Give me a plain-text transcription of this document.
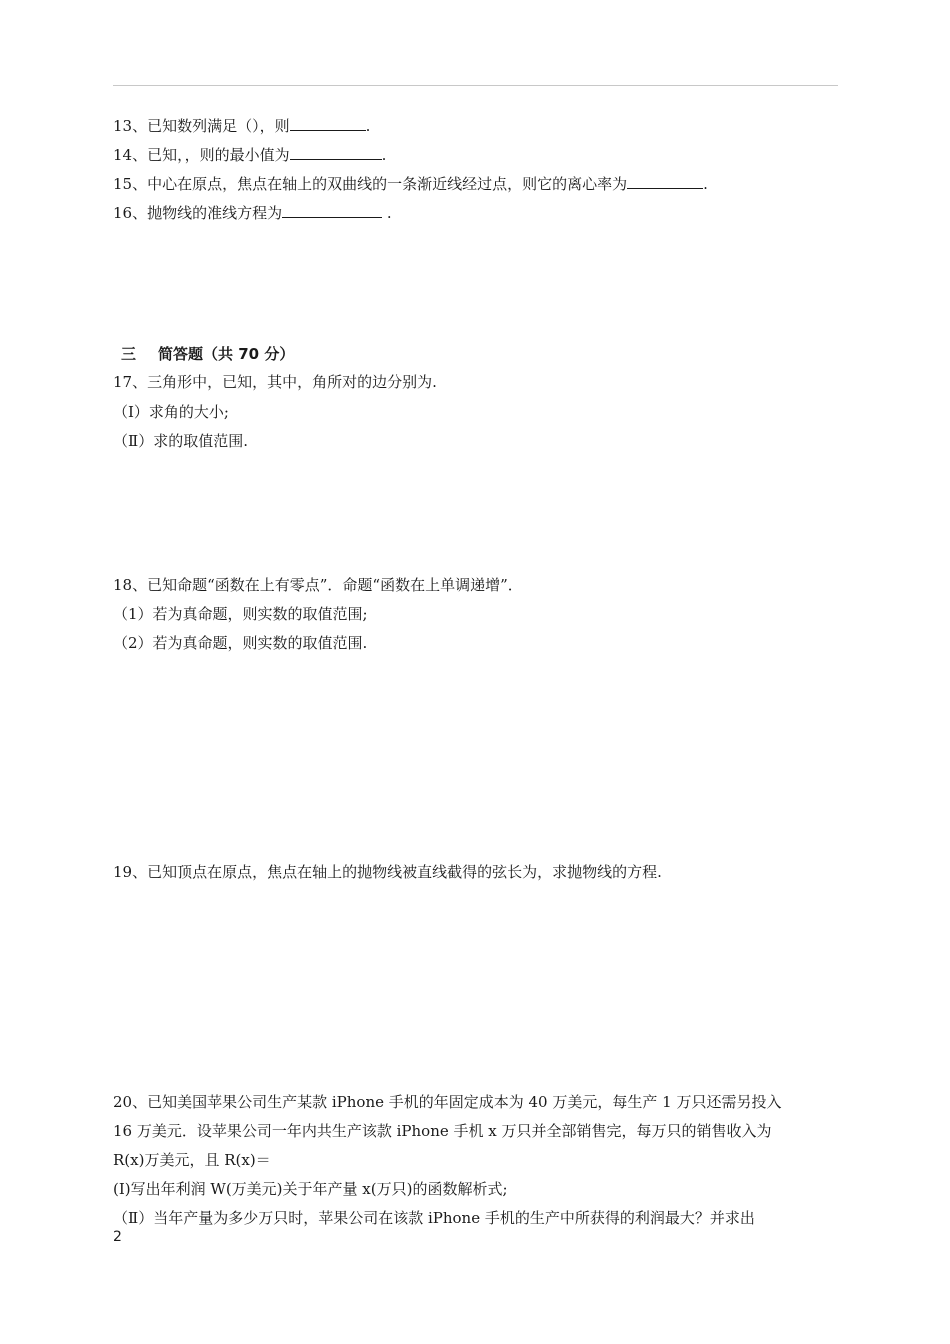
13、已知数列满足（），则	.
14、已知，，则的最小值为	.
15、中心在原点，焦点在轴上的双曲线的一条渐近线经过点，则它的离心率为	.
16、抛物线的准线方程为	.
三 简答题（共 70 分）
17、三角形中，已知，其中，角所对的边分别为.
（Ⅰ）求角的大小;
（Ⅱ）求的取值范围.
18、已知命题“函数在上有零点”．命题“函数在上单调递增”．
（1）若为真命题，则实数的取值范围;
（2）若为真命题，则实数的取值范围.
19、已知顶点在原点，焦点在轴上的抛物线被直线截得的弦长为，求抛物线的方程.
20、已知美国苹果公司生产某款 iPhone 手机的年固定成本为 40 万美元，每生产 1 万只还需另投入
16 万美元．设苹果公司一年内共生产该款 iPhone 手机 x 万只并全部销售完，每万只的销售收入为
R(x)万美元，且 R(x)＝
(Ⅰ)写出年利润 W(万美元)关于年产量 x(万只)的函数解析式;
（Ⅱ）当年产量为多少万只时，苹果公司在该款 iPhone 手机的生产中所获得的利润最大？并求出
2
